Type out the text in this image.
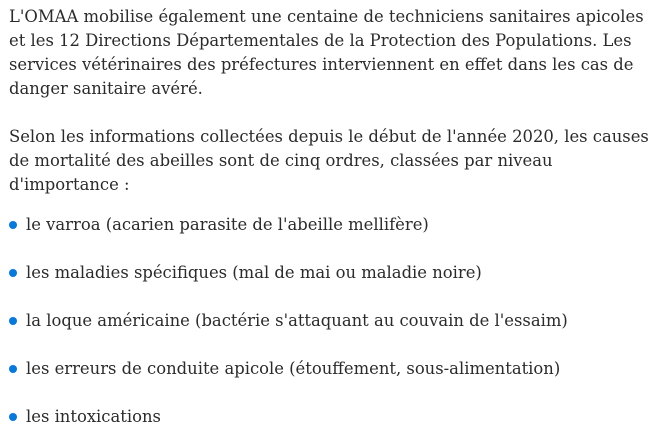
L'OMAA mobilise également une centaine de techniciens sanitaires apicoles et les 12 Directions Départementales de la Protection des Populations. Les services vétérinaires des préfectures interviennent en effet dans les cas de danger sanitaire avéré.

Selon les informations collectées depuis le début de l'année 2020, les causes de mortalité des abeilles sont de cinq ordres, classées par niveau d'importance :

le varroa (acarien parasite de l'abeille mellifère)
les maladies spécifiques (mal de mai ou maladie noire)
la loque américaine (bactérie s'attaquant au couvain de l'essaim)
les erreurs de conduite apicole (étouffement, sous-alimentation)
les intoxications
